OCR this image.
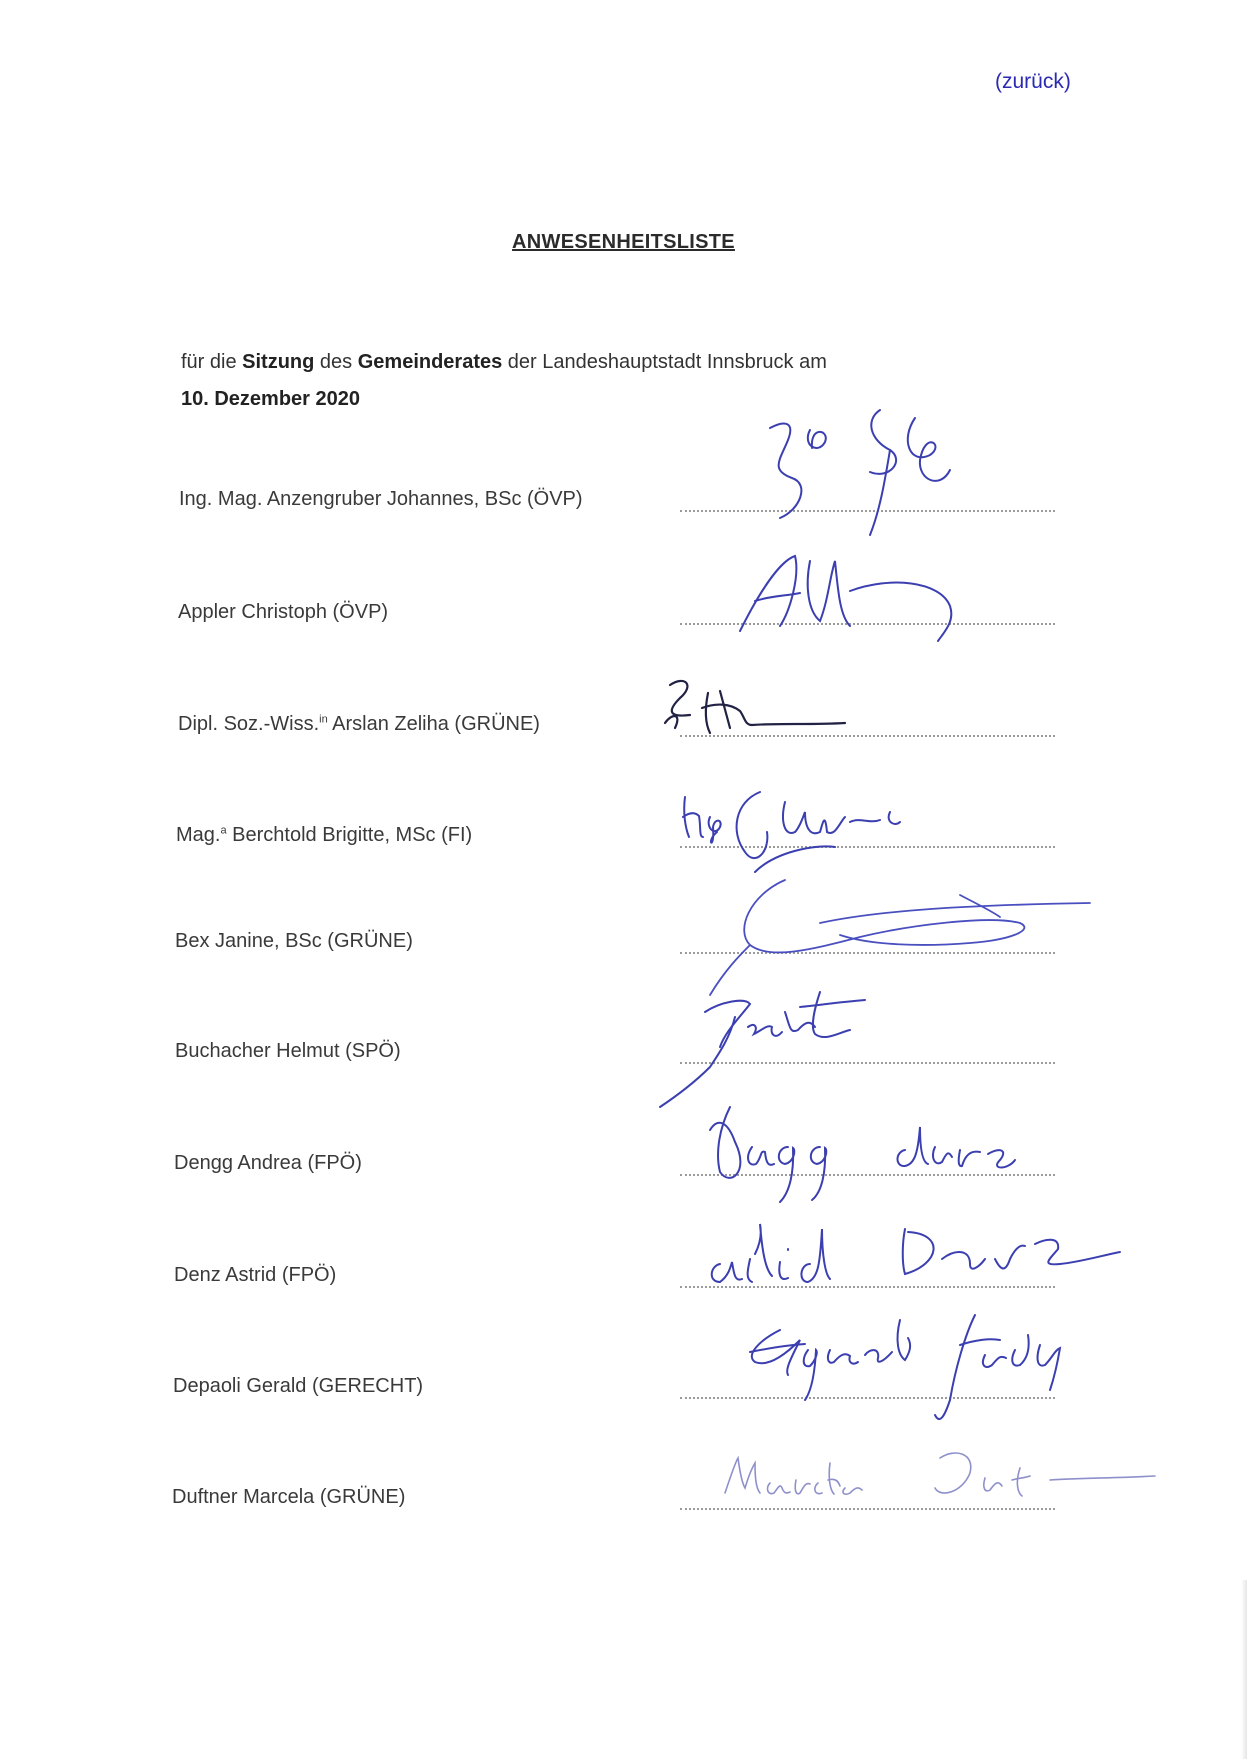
(zurück)
ANWESENHEITSLISTE
für die Sitzung des Gemeinderates der Landeshauptstadt Innsbruck am
10. Dezember 2020
Ing. Mag. Anzengruber Johannes, BSc (ÖVP)
Appler Christoph (ÖVP)
Dipl. Soz.-Wiss.$^{in}$ Arslan Zeliha (GRÜNE)
Mag.$^a$ Berchtold Brigitte, MSc (FI)
Bex Janine, BSc (GRÜNE)
Buchacher Helmut (SPÖ)
Dengg Andrea (FPÖ)
Denz Astrid (FPÖ)
Depaoli Gerald (GERECHT)
Duftner Marcela (GRÜNE)
